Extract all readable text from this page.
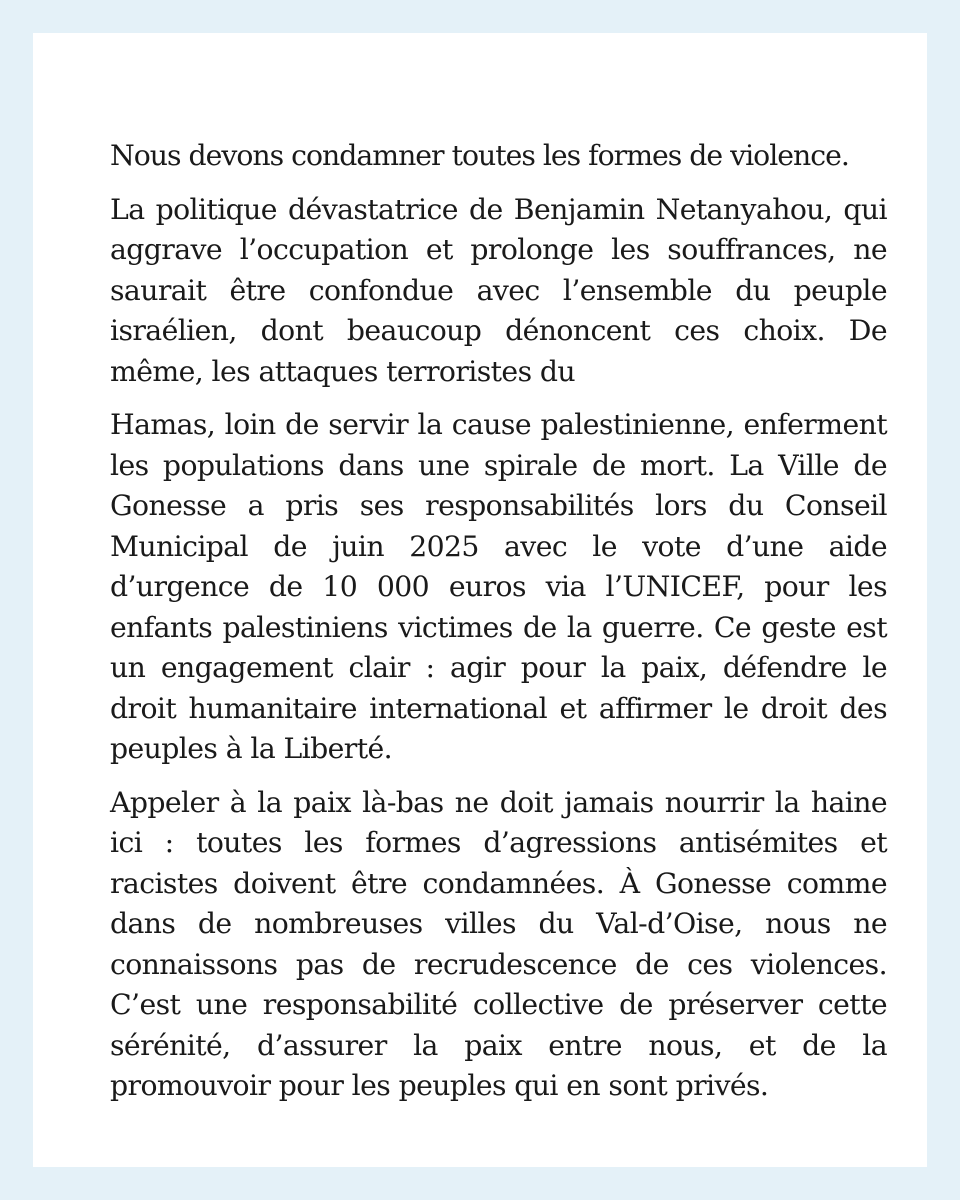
Nous devons condamner toutes les formes de violence.

La politique dévastatrice de Benjamin Netanyahou, qui aggrave l’occupation et prolonge les souffrances, ne saurait être confondue avec l’ensemble du peuple israélien, dont beaucoup dénoncent ces choix. De même, les attaques terroristes du

Hamas, loin de servir la cause palestinienne, enferment les populations dans une spirale de mort. La Ville de Gonesse a pris ses responsabilités lors du Conseil Municipal de juin 2025 avec le vote d’une aide d’urgence de 10 000 euros via l’UNICEF, pour les enfants palestiniens victimes de la guerre. Ce geste est un engagement clair : agir pour la paix, défendre le droit humanitaire international et affirmer le droit des peuples à la Liberté.

Appeler à la paix là-bas ne doit jamais nourrir la haine ici : toutes les formes d’agressions antisémites et racistes doivent être condamnées. À Gonesse comme dans de nombreuses villes du Val-d’Oise, nous ne connaissons pas de recrudescence de ces violences. C’est une responsabilité collective de préserver cette sérénité, d’assurer la paix entre nous, et de la promouvoir pour les peuples qui en sont privés.
